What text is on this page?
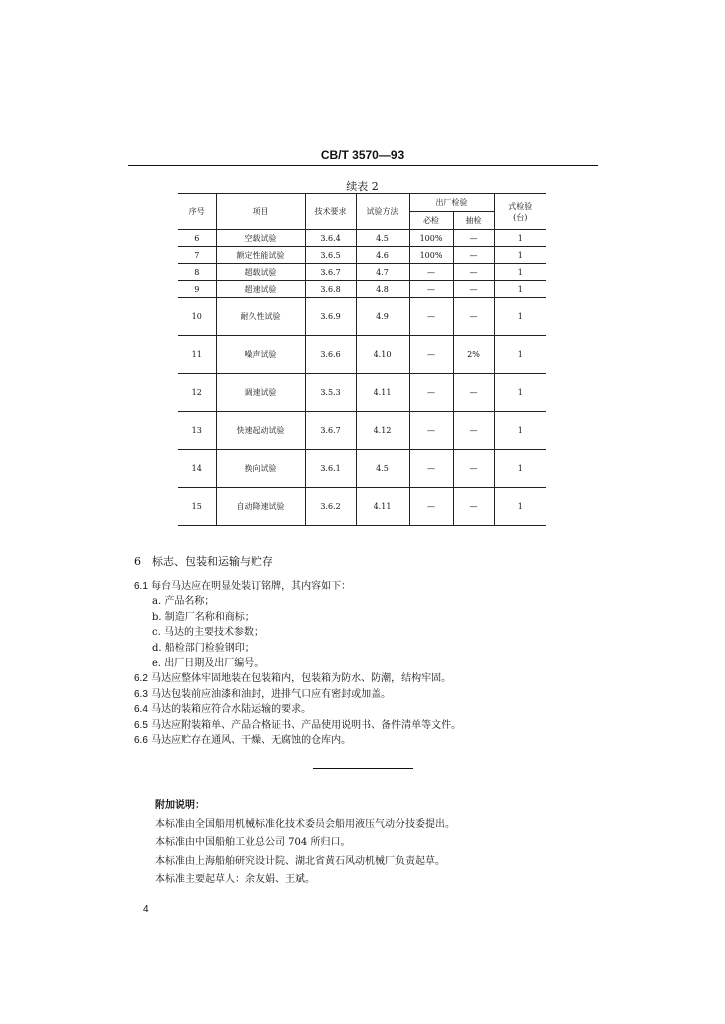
CB/T 3570—93
续表 2
序号	项目	技术要求	试验方法	出厂检验		式检验
(台)

				必检	抽检	
6	空载试验	3.6.4	4.5	100%	—	1
7	额定性能试验	3.6.5	4.6	100%	—	1
8	超载试验	3.6.7	4.7	—	—	1
9	超速试验	3.6.8	4.8	—	—	1
10	耐久性试验	3.6.9	4.9	—	—	1
11	噪声试验	3.6.6	4.10	—	2%	1
12	调速试验	3.5.3	4.11	—	—	1
13	快速起动试验	3.6.7	4.12	—	—	1
14	换向试验	3.6.1	4.5	—	—	1
15	自动降速试验	3.6.2	4.11	—	—	1
6　标志、包装和运输与贮存
6.1 每台马达应在明显处装订铭牌，其内容如下：
a. 产品名称；
b. 制造厂名称和商标；
c. 马达的主要技术参数；
d. 船检部门检验钢印；
e. 出厂日期及出厂编号。
6.2 马达应整体牢固地装在包装箱内，包装箱为防水、防潮，结构牢固。
6.3 马达包装前应油漆和油封，进排气口应有密封或加盖。
6.4 马达的装箱应符合水陆运输的要求。
6.5 马达应附装箱单、产品合格证书、产品使用说明书、备件清单等文件。
6.6 马达应贮存在通风、干燥、无腐蚀的仓库内。
附加说明：
本标准由全国船用机械标准化技术委员会船用液压气动分技委提出。
本标准由中国船舶工业总公司 704 所归口。
本标准由上海船舶研究设计院、湖北省黄石风动机械厂负责起草。
本标准主要起草人：余友娟、王斌。
4
